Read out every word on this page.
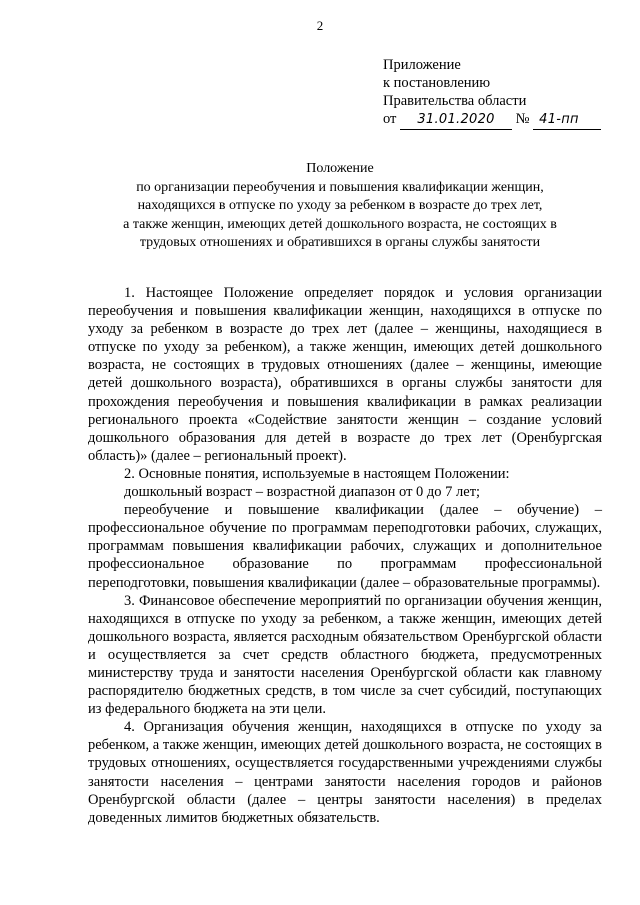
2
Приложение
к постановлению
Правительства области
от 31.01.2020 № 41-пп
Положение
по организации переобучения и повышения квалификации женщин,
находящихся в отпуске по уходу за ребенком в возрасте до трех лет,
а также женщин, имеющих детей дошкольного возраста, не состоящих в
трудовых отношениях и обратившихся в органы службы занятости

1. Настоящее Положение определяет порядок и условия организации переобучения и повышения квалификации женщин, находящихся в отпуске по уходу за ребенком в возрасте до трех лет (далее – женщины, находящиеся в отпуске по уходу за ребенком), а также женщин, имеющих детей дошкольного возраста, не состоящих в трудовых отношениях (далее – женщины, имеющие детей дошкольного возраста), обратившихся в органы службы занятости для прохождения переобучения и повышения квалификации в рамках реализации регионального проекта «Содействие занятости женщин – создание условий дошкольного образования для детей в возрасте до трех лет (Оренбургская область)» (далее – региональный проект).

2. Основные понятия, используемые в настоящем Положении:

дошкольный возраст – возрастной диапазон от 0 до 7 лет;

переобучение и повышение квалификации (далее – обучение) – профессиональное обучение по программам переподготовки рабочих, служащих, программам повышения квалификации рабочих, служащих и дополнительное профессиональное образование по программам профессиональной переподготовки, повышения квалификации (далее – образовательные программы).

3. Финансовое обеспечение мероприятий по организации обучения женщин, находящихся в отпуске по уходу за ребенком, а также женщин, имеющих детей дошкольного возраста, является расходным обязательством Оренбургской области и осуществляется за счет средств областного бюджета, предусмотренных министерству труда и занятости населения Оренбургской области как главному распорядителю бюджетных средств, в том числе за счет субсидий, поступающих из федерального бюджета на эти цели.

4. Организация обучения женщин, находящихся в отпуске по уходу за ребенком, а также женщин, имеющих детей дошкольного возраста, не состоящих в трудовых отношениях, осуществляется государственными учреждениями службы занятости населения – центрами занятости населения городов и районов Оренбургской области (далее – центры занятости населения) в пределах доведенных лимитов бюджетных обязательств.
